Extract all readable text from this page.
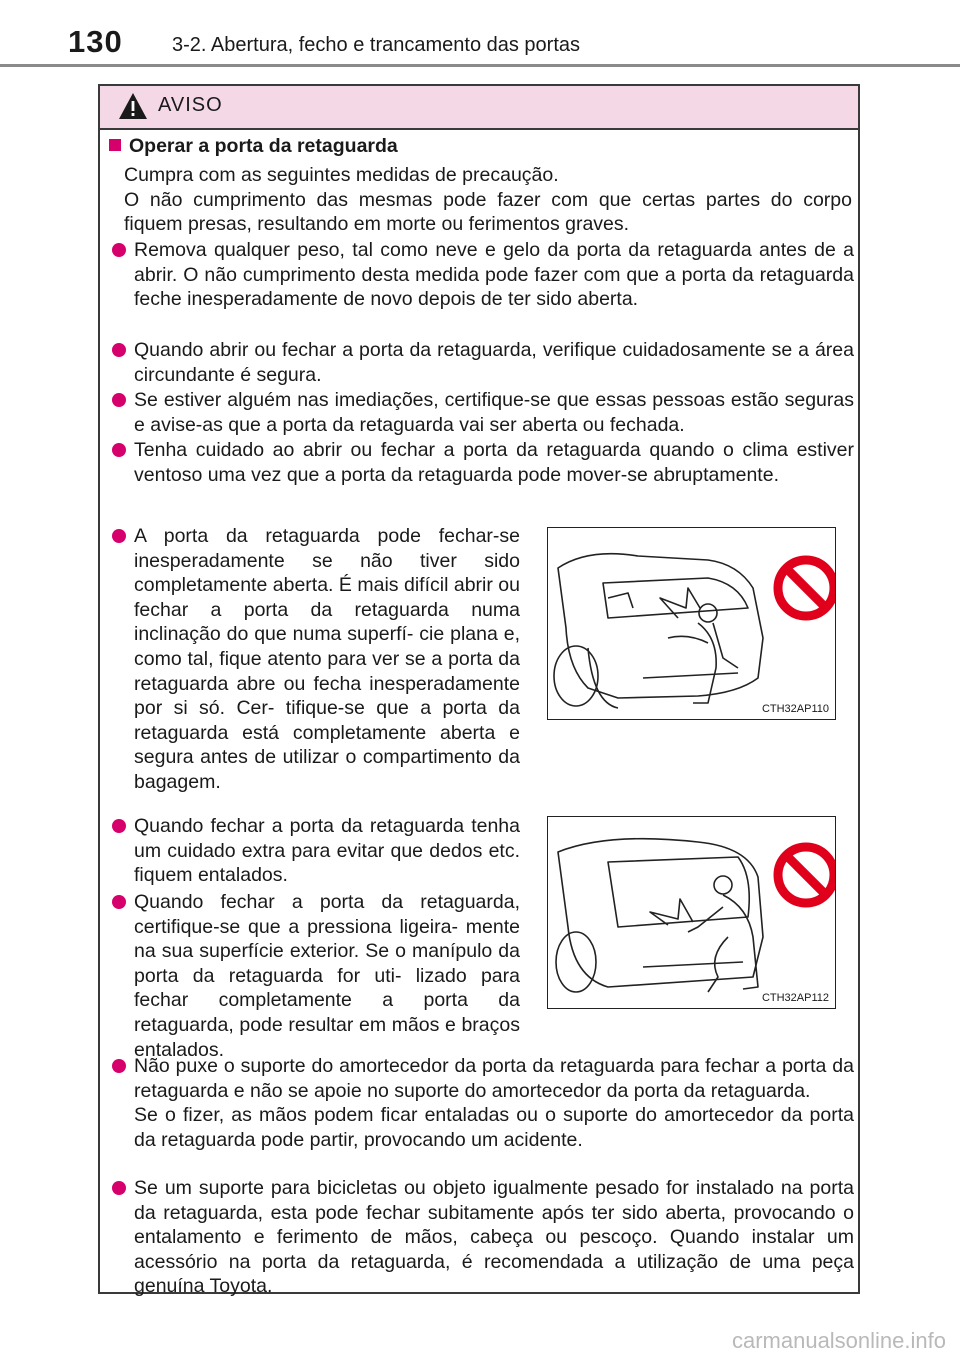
130 3-2. Abertura, fecho e trancamento das portas
AVISO
Operar a porta da retaguarda
Cumpra com as seguintes medidas de precaução.
O não cumprimento das mesmas pode fazer com que certas partes do corpo fiquem presas, resultando em morte ou ferimentos graves.
Remova qualquer peso, tal como neve e gelo da porta da retaguarda antes de a abrir. O não cumprimento desta medida pode fazer com que a porta da retaguarda feche inesperadamente de novo depois de ter sido aberta.
Quando abrir ou fechar a porta da retaguarda, verifique cuidadosamente se a área circundante é segura.
Se estiver alguém nas imediações, certifique-se que essas pessoas estão seguras e avise-as que a porta da retaguarda vai ser aberta ou fechada.
Tenha cuidado ao abrir ou fechar a porta da retaguarda quando o clima estiver ventoso uma vez que a porta da retaguarda pode mover-se abruptamente.
A porta da retaguarda pode fechar-se inesperadamente se não tiver sido completamente aberta. É mais difícil abrir ou fechar a porta da retaguarda numa inclinação do que numa superfí- cie plana e, como tal, fique atento para ver se a porta da retaguarda abre ou fecha inesperadamente por si só. Cer- tifique-se que a porta da retaguarda está completamente aberta e segura antes de utilizar o compartimento da bagagem.
Quando fechar a porta da retaguarda tenha um cuidado extra para evitar que dedos etc. fiquem entalados.
Quando fechar a porta da retaguarda, certifique-se que a pressiona ligeira- mente na sua superfície exterior. Se o manípulo da porta da retaguarda for uti- lizado para fechar completamente a porta da retaguarda, pode resultar em mãos e braços entalados.
Não puxe o suporte do amortecedor da porta da retaguarda para fechar a porta da retaguarda e não se apoie no suporte do amortecedor da porta da retaguarda.
Se o fizer, as mãos podem ficar entaladas ou o suporte do amortecedor da porta da retaguarda pode partir, provocando um acidente.
Se um suporte para bicicletas ou objeto igualmente pesado for instalado na porta da retaguarda, esta pode fechar subitamente após ter sido aberta, provocando o entalamento e ferimento de mãos, cabeça ou pescoço. Quando instalar um acessório na porta da retaguarda, é recomendada a utilização de uma peça genuína Toyota.
CTH32AP110
CTH32AP112
carmanualsonline.info
